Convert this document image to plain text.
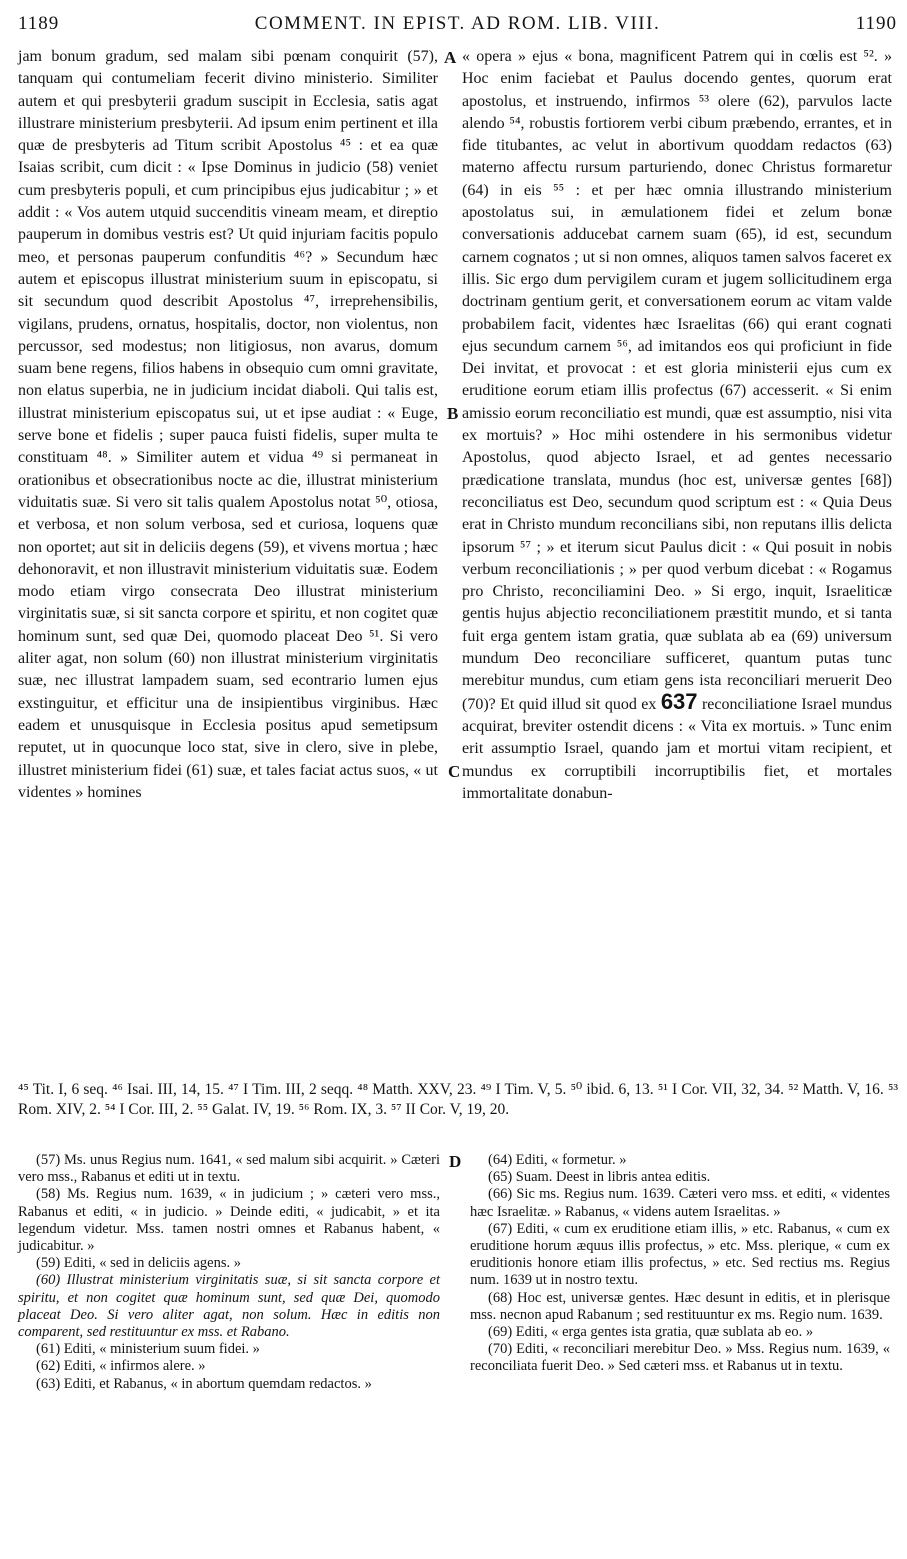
1189	COMMENT. IN EPIST. AD ROM. LIB. VIII.	1190

jam bonum gradum, sed malam sibi pœnam conquirit (57), tanquam qui contumeliam fecerit divino ministerio. Similiter autem et qui presbyterii gradum suscipit in Ecclesia, satis agat illustrare ministerium presbyterii. Ad ipsum enim pertinent et illa quæ de presbyteris ad Titum scribit Apostolus ⁴⁵ : et ea quæ Isaias scribit, cum dicit : « Ipse Dominus in judicio (58) veniet cum presbyteris populi, et cum principibus ejus judicabitur ; » et addit : « Vos autem utquid succenditis vineam meam, et direptio pauperum in domibus vestris est? Ut quid injuriam facitis populo meo, et personas pauperum confunditis ⁴⁶? » Secundum hæc autem et episcopus illustrat ministerium suum in episcopatu, si sit secundum quod describit Apostolus ⁴⁷, irreprehensibilis, vigilans, prudens, ornatus, hospitalis, doctor, non violentus, non percussor, sed modestus; non litigiosus, non avarus, domum suam bene regens, filios habens in obsequio cum omni gravitate, non elatus superbia, ne in judicium incidat diaboli. Qui talis est, illustrat ministerium episcopatus sui, ut et ipse audiat : « Euge, serve bone et fidelis ; super pauca fuisti fidelis, super multa te constituam ⁴⁸. » Similiter autem et vidua ⁴⁹ si permaneat in orationibus et obsecrationibus nocte ac die, illustrat ministerium viduitatis suæ. Si vero sit talis qualem Apostolus notat ⁵⁰, otiosa, et verbosa, et non solum verbosa, sed et curiosa, loquens quæ non oportet; aut sit in deliciis degens (59), et vivens mortua ; hæc dehonoravit, et non illustravit ministerium viduitatis suæ. Eodem modo etiam virgo consecrata Deo illustrat ministerium virginitatis suæ, si sit sancta corpore et spiritu, et non cogitet quæ hominum sunt, sed quæ Dei, quomodo placeat Deo ⁵¹. Si vero aliter agat, non solum (60) non illustrat ministerium virginitatis suæ, nec illustrat lampadem suam, sed econtrario lumen ejus exstinguitur, et efficitur una de insipientibus virginibus. Hæc eadem et unusquisque in Ecclesia positus apud semetipsum reputet, ut in quocunque loco stat, sive in clero, sive in plebe, illustret ministerium fidei (61) suæ, et tales faciat actus suos, « ut videntes » homines

A
B
C

« opera » ejus « bona, magnificent Patrem qui in cœlis est ⁵². » Hoc enim faciebat et Paulus docendo gentes, quorum erat apostolus, et instruendo, infirmos ⁵³ olere (62), parvulos lacte alendo ⁵⁴, robustis fortiorem verbi cibum præbendo, errantes, et in fide titubantes, ac velut in abortivum quoddam redactos (63) materno affectu rursum parturiendo, donec Christus formaretur (64) in eis ⁵⁵ : et per hæc omnia illustrando ministerium apostolatus sui, in æmulationem fidei et zelum bonæ conversationis adducebat carnem suam (65), id est, secundum carnem cognatos ; ut si non omnes, aliquos tamen salvos faceret ex illis. Sic ergo dum pervigilem curam et jugem sollicitudinem erga doctrinam gentium gerit, et conversationem eorum ac vitam valde probabilem facit, videntes hæc Israelitas (66) qui erant cognati ejus secundum carnem ⁵⁶, ad imitandos eos qui proficiunt in fide Dei invitat, et provocat : et est gloria ministerii ejus cum ex eruditione eorum etiam illis profectus (67) accesserit. « Si enim amissio eorum reconciliatio est mundi, quæ est assumptio, nisi vita ex mortuis? » Hoc mihi ostendere in his sermonibus videtur Apostolus, quod abjecto Israel, et ad gentes necessario prædicatione translata, mundus (hoc est, universæ gentes [68]) reconciliatus est Deo, secundum quod scriptum est : « Quia Deus erat in Christo mundum reconcilians sibi, non reputans illis delicta ipsorum ⁵⁷ ; » et iterum sicut Paulus dicit : « Qui posuit in nobis verbum reconciliationis ; » per quod verbum dicebat : « Rogamus pro Christo, reconciliamini Deo. » Si ergo, inquit, Israeliticæ gentis hujus abjectio reconciliationem præstitit mundo, et si tanta fuit erga gentem istam gratia, quæ sublata ab ea (69) universum mundum Deo reconciliare sufficeret, quantum putas tunc merebitur mundus, cum etiam gens ista reconciliari meruerit Deo (70)? Et quid illud sit quod ex 637 reconciliatione Israel mundus acquirat, breviter ostendit dicens : « Vita ex mortuis. » Tunc enim erit assumptio Israel, quando jam et mortui vitam recipient, et mundus ex corruptibili incorruptibilis fiet, et mortales immortalitate donabun-

⁴⁵ Tit. I, 6 seq. ⁴⁶ Isai. III, 14, 15. ⁴⁷ I Tim. III, 2 seqq. ⁴⁸ Matth. XXV, 23. ⁴⁹ I Tim. V, 5. ⁵⁰ ibid. 6, 13. ⁵¹ I Cor. VII, 32, 34. ⁵² Matth. V, 16. ⁵³ Rom. XIV, 2. ⁵⁴ I Cor. III, 2. ⁵⁵ Galat. IV, 19. ⁵⁶ Rom. IX, 3. ⁵⁷ II Cor. V, 19, 20.
D

(57) Ms. unus Regius num. 1641, « sed malum sibi acquirit. » Cæteri vero mss., Rabanus et editi ut in textu.

(58) Ms. Regius num. 1639, « in judicium ; » cæteri vero mss., Rabanus et editi, « in judicio. » Deinde editi, « judicabit, » et ita legendum videtur. Mss. tamen nostri omnes et Rabanus habent, « judicabitur. »

(59) Editi, « sed in deliciis agens. »

(60) Illustrat ministerium virginitatis suæ, si sit sancta corpore et spiritu, et non cogitet quæ hominum sunt, sed quæ Dei, quomodo placeat Deo. Si vero aliter agat, non solum. Hæc in editis non comparent, sed restituuntur ex mss. et Rabano.

(61) Editi, « ministerium suum fidei. »

(62) Editi, « infirmos alere. »

(63) Editi, et Rabanus, « in abortum quemdam redactos. »

(64) Editi, « formetur. »

(65) Suam. Deest in libris antea editis.

(66) Sic ms. Regius num. 1639. Cæteri vero mss. et editi, « videntes hæc Israelitæ. » Rabanus, « videns autem Israelitas. »

(67) Editi, « cum ex eruditione etiam illis, » etc. Rabanus, « cum ex eruditione horum æquus illis profectus, » etc. Mss. plerique, « cum ex eruditionis honore etiam illis profectus, » etc. Sed rectius ms. Regius num. 1639 ut in nostro textu.

(68) Hoc est, universæ gentes. Hæc desunt in editis, et in plerisque mss. necnon apud Rabanum ; sed restituuntur ex ms. Regio num. 1639.

(69) Editi, « erga gentes ista gratia, quæ sublata ab eo. »

(70) Editi, « reconciliari merebitur Deo. » Mss. Regius num. 1639, « reconciliata fuerit Deo. » Sed cæteri mss. et Rabanus ut in textu.
